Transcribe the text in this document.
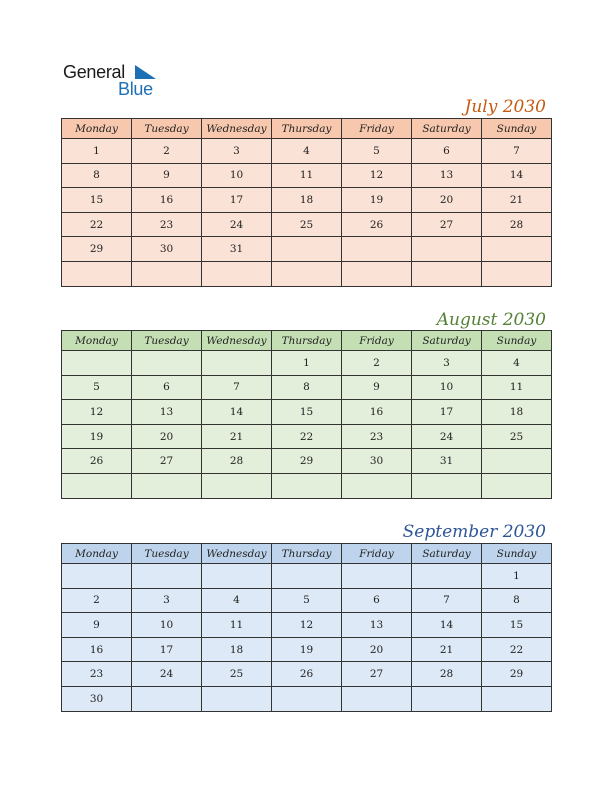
General
Blue
July 2030
Monday	Tuesday	Wednesday	Thursday	Friday	Saturday	Sunday
1	2	3	4	5	6	7
8	9	10	11	12	13	14
15	16	17	18	19	20	21
22	23	24	25	26	27	28
29	30	31				

August 2030
Monday	Tuesday	Wednesday	Thursday	Friday	Saturday	Sunday
			1	2	3	4
5	6	7	8	9	10	11
12	13	14	15	16	17	18
19	20	21	22	23	24	25
26	27	28	29	30	31	

September 2030
Monday	Tuesday	Wednesday	Thursday	Friday	Saturday	Sunday
						1
2	3	4	5	6	7	8
9	10	11	12	13	14	15
16	17	18	19	20	21	22
23	24	25	26	27	28	29
30						
